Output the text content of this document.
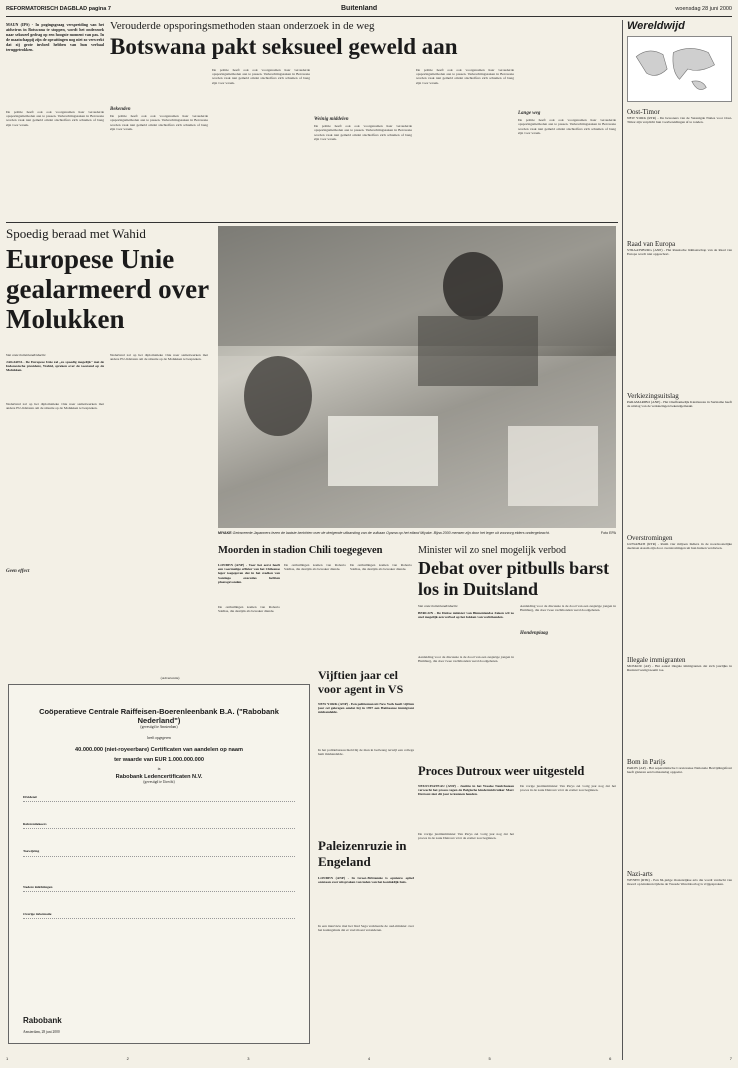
REFORMATORISCH DAGBLAD pagina 7	Buitenland	woensdag 28 juni 2000
MAUN (IPS) - In pogingsgraag verspreiding van het aidsvirus in Botswana te stoppen, wordt het onderzoek naar seksueel gedrag op een hoogste moment van pas. In de maatschappij zijn de opvattingen nog niet zo verwerkt dat zij grote invloed hebben van hun verbaal teruggetrokken.
Verouderde opsporingsmethoden staan onderzoek in de weg
Botswana pakt seksueel geweld aan
De politie heeft ook ook voorgenomen haar verouderde opsporingsmethoden aan te passen. Verkrachtingszaken in Botswana worden vaak niet gemeld omdat slachtoffers zich schamen of bang zijn voor wraak.
Bekenden
De politie heeft ook ook voorgenomen haar verouderde opsporingsmethoden aan te passen. Verkrachtingszaken in Botswana worden vaak niet gemeld omdat slachtoffers zich schamen of bang zijn voor wraak.
De politie heeft ook ook voorgenomen haar verouderde opsporingsmethoden aan te passen. Verkrachtingszaken in Botswana worden vaak niet gemeld omdat slachtoffers zich schamen of bang zijn voor wraak.
Weinig middelen
De politie heeft ook ook voorgenomen haar verouderde opsporingsmethoden aan te passen. Verkrachtingszaken in Botswana worden vaak niet gemeld omdat slachtoffers zich schamen of bang zijn voor wraak.
De politie heeft ook ook voorgenomen haar verouderde opsporingsmethoden aan te passen. Verkrachtingszaken in Botswana worden vaak niet gemeld omdat slachtoffers zich schamen of bang zijn voor wraak.
Lange weg
De politie heeft ook ook voorgenomen haar verouderde opsporingsmethoden aan te passen. Verkrachtingszaken in Botswana worden vaak niet gemeld omdat slachtoffers zich schamen of bang zijn voor wraak.
Wereldwijd
Oost-Timor
NEW YORK (RTR) - De bewoners van de Verenigde Naties voor Oost-Timor zijn verplicht hun voorbereidingen af te ronden.
Raad van Europa
STRAATSBURG (ANP) - Het Russische lidmaatschap van de Raad van Europa wordt niet opgeschort.
Verkiezingsuitslag
PARAMARIBO (ANP) - Het Onafhankelijk Kiesbureau in Suriname heeft de uitslag van de verkiezingen bekendgemaakt.
Overstromingen
GUWAHATI (RTR) - Ruim vier miljoen Indiers in de noordoostelijke deelstaat Assam zijn door overstromingen uit hun huizen verdreven.
Illegale immigranten
MOSKOU (AP) - Het aantal illegale immigranten dat zich jaarlijks in Rusland vestigt neemt toe.
Bom in Parijs
PARIJS (AP) - Het separatistische Corsicaanse Nationale Bevrijdingsfront heeft gisteren een bomaanslag opgeeist.
Nazi-arts
WENEN (RTR) - Een 84-jarige Oostenrijkse arts die wordt verdacht van moord op kinderen tijdens de Tweede Wereldoorlog is vrijgesproken.
Spoedig beraad met Wahid
Europese Unie gealarmeerd over Molukken
Van onze buitenlandredactie
JAKARTA - De Europese Unie zal ,,zo spoedig mogelijk'' met de Indonesische president, Wahid, spreken over de toestand op de Molukken.
Nederland zal op het diplomatieke vlak naar samenwerken met andere EU-lidstaten om de situatie op de Molukken te bespreken.
Geen effect
Nederland zal op het diplomatieke vlak naar samenwerken met andere EU-lidstaten om de situatie op de Molukken te bespreken.
MIYAKE Getraceerde Japanners lezen de laatste berichten over de dreigende uitbarsting van de vulkaan Oyama op het eiland Miyake. Bijna 2000 mensen zijn door het leger uit voorzorg elders ondergebracht.	Foto EPA
Moorden in stadion Chili toegegeven
LONDEN (ANP) - Voor het eerst heeft een voormalige officier van het Chileense leger toegegeven dat in het stadion van Santiago executies hebben plaatsgevonden.
De onthullingen komen van Roberto Saldías, die destijds als bewaker diende.
De onthullingen komen van Roberto Saldías, die destijds als bewaker diende.
De onthullingen komen van Roberto Saldías, die destijds als bewaker diende.
Minister wil zo snel mogelijk verbod
Debat over pitbulls barst los in Duitsland
Van onze buitenlandredactie
BERLIJN - De Duitse minister van Binnenlandse Zaken wil zo snel mogelijk een verbod op het fokken van vechthonden.
Aanleiding voor de discussie is de dood van een zesjarige jongen in Hamburg, die door twee vechthonden werd doodgebeten.
Aanleiding voor de discussie is de dood van een zesjarige jongen in Hamburg, die door twee vechthonden werd doodgebeten.
Hondenpiaag
Vijftien jaar cel voor agent in VS
NEW YORK (ANP) - Een politieman uit New York heeft vijftien jaar cel gekregen omdat hij in 1997 een Haitiaanse immigrant mishandelde.
In het politiebureau hield hij de man in bedwang terwijl een collega hem mishandelde.
Paleizenruzie in Engeland
LONDEN (ANP) - In Groot-Brittannie is opnieuw ophef ontstaan over uitspraken van leden van het koninklijk huis.
In een interview met het blad Saga verklaarde de oud-minister over het koningshuis dat er veel moest veranderen.
Proces Dutroux weer uitgesteld
NEUFCHATEAU (ANP) - Justitie in het Waalse Neufchateau verwacht het proces tegen de Belgische kindermisbruiker Marc Dutroux niet dit jaar te kunnen houden.
De vorige justitieminister Van Parys zei vorig jaar nog dat het proces in de zaak Dutroux vóór de zomer zou beginnen.
De vorige justitieminister Van Parys zei vorig jaar nog dat het proces in de zaak Dutroux vóór de zomer zou beginnen.
(Advertentie)
Coöperatieve Centrale Raiffeisen-Boerenleenbank B.A. ("Rabobank Nederland")
(gevestigd te Amsterdam)
heeft opgegeven
40.000.000 (niet-royeerbare) Certificaten van aandelen op naam
ter waarde van EUR 1.000.000.000
in
Rabobank Ledencertificaten N.V.
(gevestigd te Utrecht)
Dividend
Referentiekoers
Toewijzing
Nadere inlichtingen
Overige informatie
Rabobank
Amsterdam, 28 juni 2000
1	2	3	4	5	6	7
